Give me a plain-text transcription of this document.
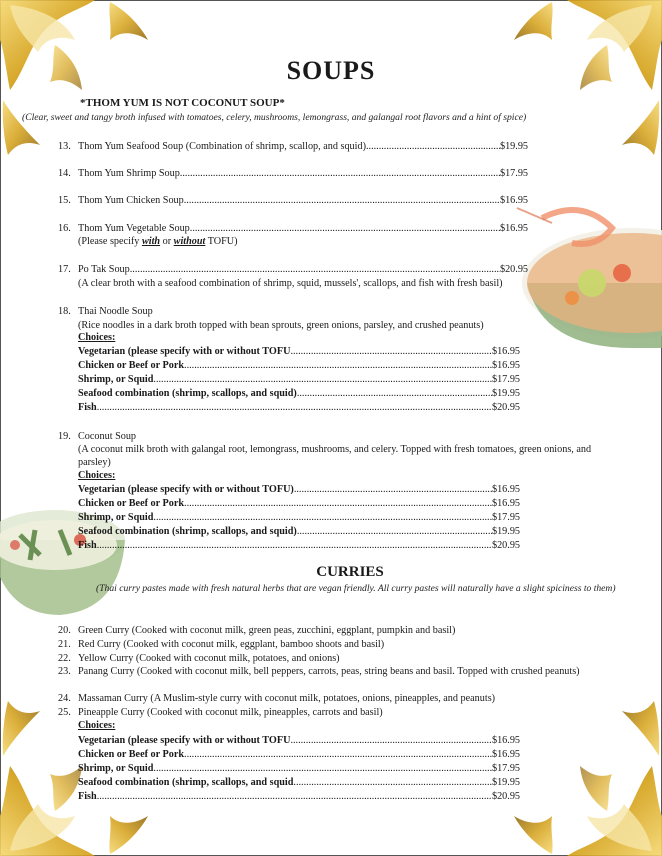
SOUPS
*THOM YUM IS NOT COCONUT SOUP*
(Clear, sweet and tangy broth infused with tomatoes, celery, mushrooms, lemongrass, and galangal root flavors and a hint of spice)
13. Thom Yum Seafood Soup (Combination of shrimp, scallop, and squid) .....	$19.95
14. Thom Yum Shrimp Soup .....	$17.95
15. Thom Yum Chicken Soup .....	$16.95
16. Thom Yum Vegetable Soup .....	$16.95
(Please specify with or without TOFU)
17. Po Tak Soup .....	$20.95
(A clear broth with a seafood combination of shrimp, squid, mussels', scallops, and fish with fresh basil)
18. Thai Noodle Soup
(Rice noodles in a dark broth topped with bean sprouts, green onions, parsley, and crushed peanuts)
Choices:
Vegetarian (please specify with or without TOFU .....	$16.95
Chicken or Beef or Pork .....	$16.95
Shrimp, or Squid .....	$17.95
Seafood combination (shrimp, scallops, and squid) .....	$19.95
Fish .....	$20.95
19. Coconut Soup
(A coconut milk broth with galangal root, lemongrass, mushrooms, and celery. Topped with fresh tomatoes, green onions, and parsley)
Choices:
Vegetarian (please specify with or without TOFU) .....	$16.95
Chicken or Beef or Pork .....	$16.95
Shrimp, or Squid .....	$17.95
Seafood combination (shrimp, scallops, and squid) .....	$19.95
Fish .....	$20.95
CURRIES
(Thai curry pastes made with fresh natural herbs that are vegan friendly. All curry pastes will naturally have a slight spiciness to them)
20. Green Curry (Cooked with coconut milk, green peas, zucchini, eggplant, pumpkin and basil)
21. Red Curry (Cooked with coconut milk, eggplant, bamboo shoots and basil)
22. Yellow Curry (Cooked with coconut milk, potatoes, and onions)
23. Panang Curry (Cooked with coconut milk, bell peppers, carrots, peas, string beans and basil. Topped with crushed peanuts)
24. Massaman Curry (A Muslim-style curry with coconut milk, potatoes, onions, pineapples, and peanuts)
25. Pineapple Curry (Cooked with coconut milk, pineapples, carrots and basil)
Choices:
Vegetarian (please specify with or without TOFU .....	$16.95
Chicken or Beef or Pork .....	$16.95
Shrimp, or Squid .....	$17.95
Seafood combination (shrimp, scallops, and squid .....	$19.95
Fish .....	$20.95
